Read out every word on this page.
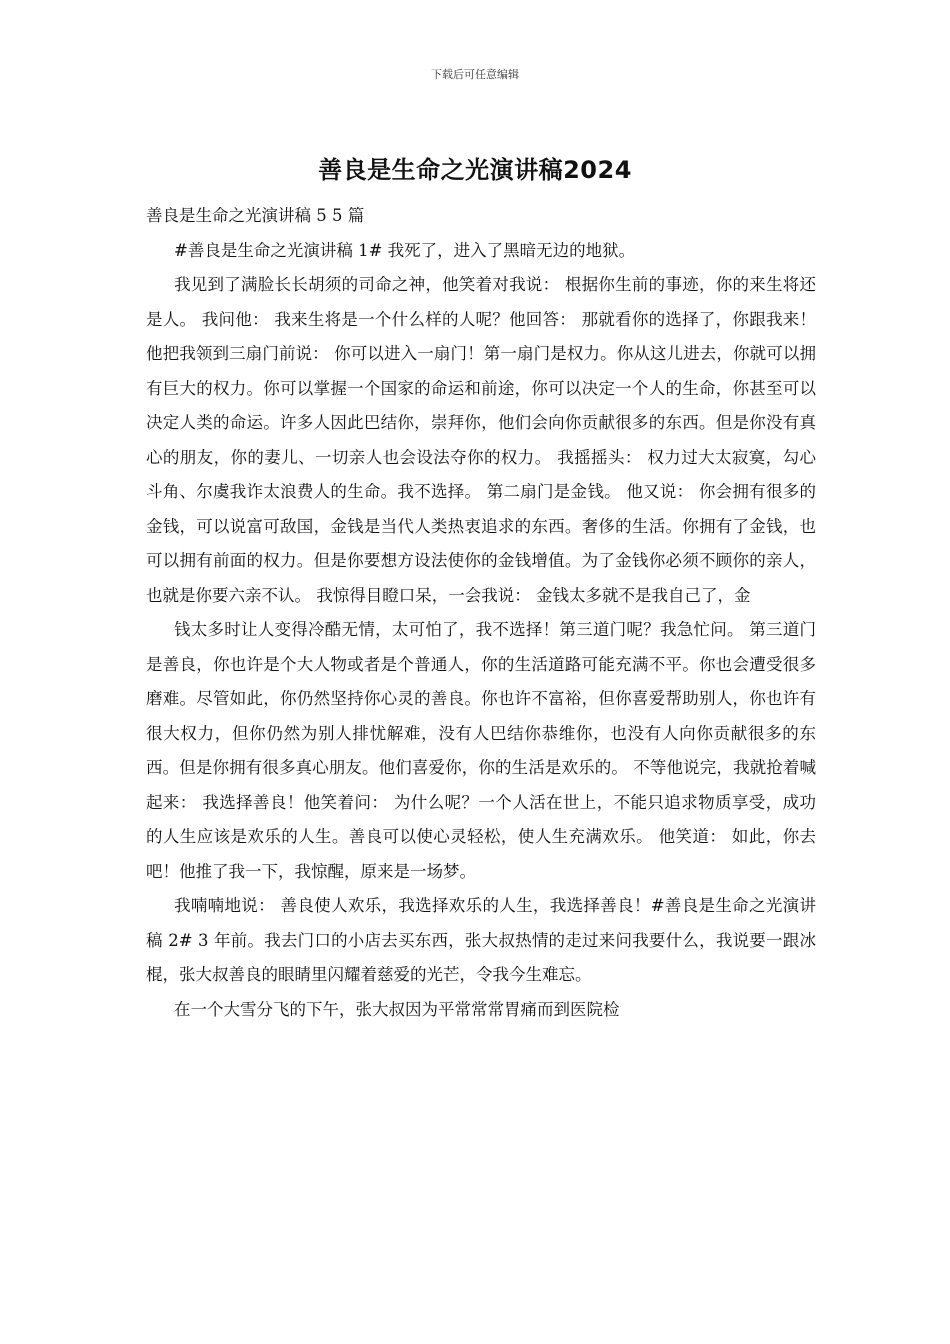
下载后可任意编辑
善良是生命之光演讲稿2024

善良是生命之光演讲稿 5 5 篇

#善良是生命之光演讲稿 1# 我死了，进入了黑暗无边的地狱。

我见到了满脸长长胡须的司命之神，他笑着对我说： 根据你生前的事迹，你的来生将还是人。 我问他： 我来生将是一个什么样的人呢？他回答： 那就看你的选择了，你跟我来！他把我领到三扇门前说： 你可以进入一扇门！第一扇门是权力。你从这儿进去，你就可以拥有巨大的权力。你可以掌握一个国家的命运和前途，你可以决定一个人的生命，你甚至可以决定人类的命运。许多人因此巴结你，崇拜你，他们会向你贡献很多的东西。但是你没有真心的朋友，你的妻儿、一切亲人也会设法夺你的权力。 我摇摇头： 权力过大太寂寞，勾心斗角、尔虞我诈太浪费人的生命。我不选择。 第二扇门是金钱。 他又说： 你会拥有很多的金钱，可以说富可敌国，金钱是当代人类热衷追求的东西。奢侈的生活。你拥有了金钱，也可以拥有前面的权力。但是你要想方设法使你的金钱增值。为了金钱你必须不顾你的亲人，也就是你要六亲不认。 我惊得目瞪口呆，一会我说： 金钱太多就不是我自己了，金

钱太多时让人变得冷酷无情，太可怕了，我不选择！第三道门呢？我急忙问。 第三道门是善良，你也许是个大人物或者是个普通人，你的生活道路可能充满不平。你也会遭受很多磨难。尽管如此，你仍然坚持你心灵的善良。你也许不富裕，但你喜爱帮助别人，你也许有很大权力，但你仍然为别人排忧解难，没有人巴结你恭维你，也没有人向你贡献很多的东西。但是你拥有很多真心朋友。他们喜爱你，你的生活是欢乐的。 不等他说完，我就抢着喊起来： 我选择善良！他笑着问： 为什么呢？一个人活在世上，不能只追求物质享受，成功的人生应该是欢乐的人生。善良可以使心灵轻松，使人生充满欢乐。 他笑道： 如此，你去吧！他推了我一下，我惊醒，原来是一场梦。

我喃喃地说： 善良使人欢乐，我选择欢乐的人生，我选择善良！#善良是生命之光演讲稿 2# 3 年前。我去门口的小店去买东西，张大叔热情的走过来问我要什么，我说要一跟冰棍，张大叔善良的眼睛里闪耀着慈爱的光芒，令我今生难忘。

在一个大雪分飞的下午，张大叔因为平常常常胃痛而到医院检
